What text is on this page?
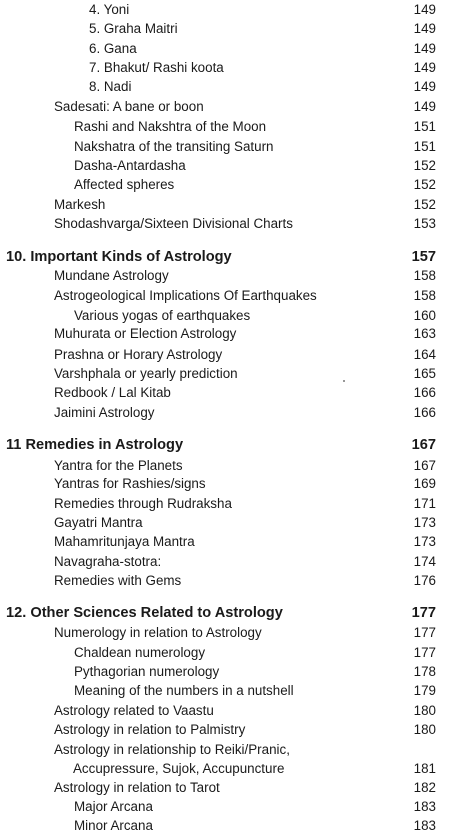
4. Yoni	149
5. Graha Maitri	149
6. Gana	149
7. Bhakut/ Rashi koota	149
8. Nadi	149
Sadesati: A bane or boon	149
Rashi and Nakshtra of the Moon	151
Nakshatra of the transiting Saturn	151
Dasha-Antardasha	152
Affected spheres	152
Markesh	152
Shodashvarga/Sixteen Divisional Charts	153
10. Important Kinds of Astrology	157
Mundane Astrology	158
Astrogeological Implications Of Earthquakes	158
Various yogas of earthquakes	160
Muhurata or Election Astrology	163
Prashna or Horary Astrology	164
Varshphala or yearly prediction	165
Redbook / Lal Kitab	166
Jaimini Astrology	166
11 Remedies in Astrology	167
Yantra for the Planets	167
Yantras for Rashies/signs	169
Remedies through Rudraksha	171
Gayatri Mantra	173
Mahamritunjaya Mantra	173
Navagraha-stotra:	174
Remedies with Gems	176
12. Other Sciences Related to Astrology	177
Numerology in relation to Astrology	177
Chaldean numerology	177
Pythagorian numerology	178
Meaning of the numbers in a nutshell	179
Astrology related to Vaastu	180
Astrology in relation to Palmistry	180
Astrology in relationship to Reiki/Pranic,
Accupressure, Sujok, Accupuncture	181
Astrology in relation to Tarot	182
Major Arcana	183
Minor Arcana	183
